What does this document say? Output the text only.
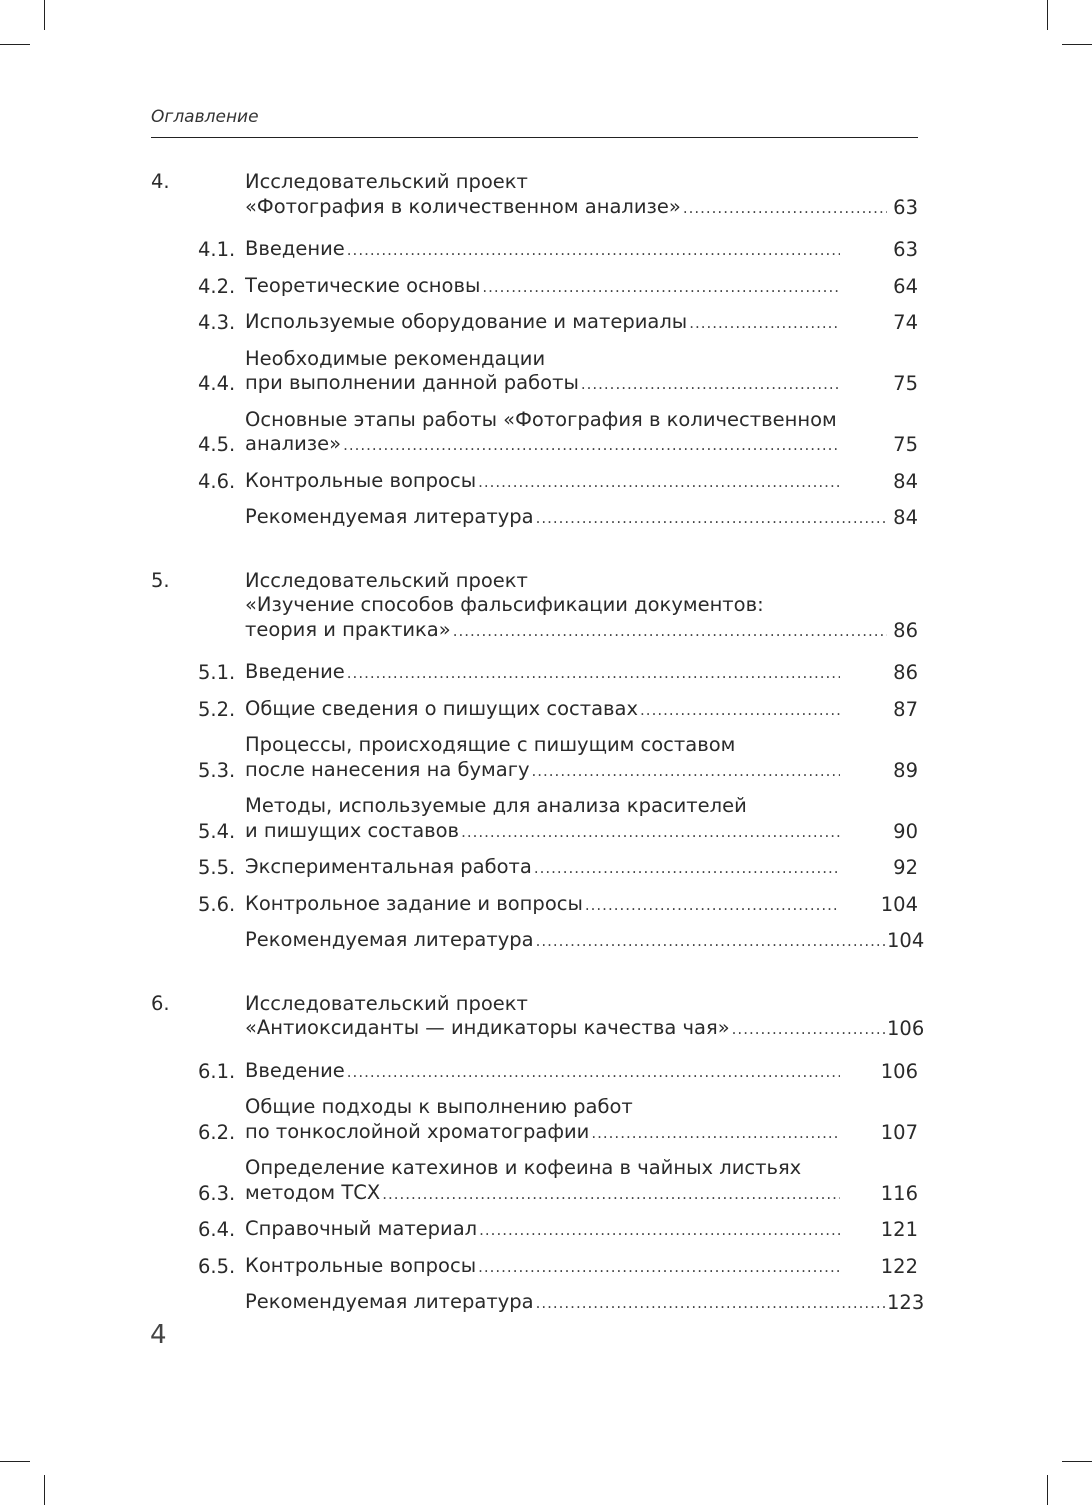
Оглавление
4.	Исследовательский проект
«Фотография в количественном анализе» .....	63
4.1. Введение .....	63
4.2. Теоретические основы .....	64
4.3. Используемые оборудование и материалы .....	74
4.4.
Необходимые рекомендации
при выполнении данной работы .....	75
4.5.
Основные этапы работы «Фотография в количественном
анализе» .....	75
4.6. Контрольные вопросы .....	84
Рекомендуемая литература .....	84
5.	Исследовательский проект
«Изучение способов фальсификации документов:
теория и практика» .....	86
5.1. Введение .....	86
5.2. Общие сведения о пишущих составах .....	87
5.3.
Процессы, происходящие с пишущим составом
после нанесения на бумагу .....	89
5.4.
Методы, используемые для анализа красителей
и пишущих составов .....	90
5.5. Экспериментальная работа .....	92
5.6. Контрольное задание и вопросы .....	104
Рекомендуемая литература .....	104
6.	Исследовательский проект
«Антиоксиданты — индикаторы качества чая» .....	106
6.1. Введение .....	106
6.2.
Общие подходы к выполнению работ
по тонкослойной хроматографии .....	107
6.3.
Определение катехинов и кофеина в чайных листьях
методом ТСХ .....	116
6.4. Справочный материал .....	121
6.5. Контрольные вопросы .....	122
Рекомендуемая литература .....	123
4
